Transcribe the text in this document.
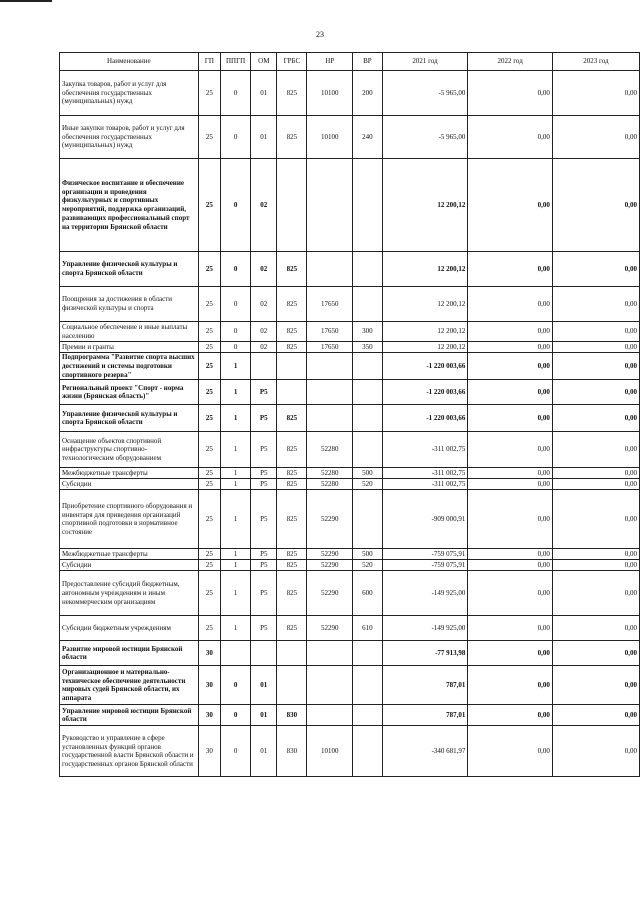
23
Наименование	ГП	ППГП	ОМ	ГРБС	НР	ВР	2021 год	2022 год	2023 год
Закупка товаров, работ и услуг для обеспечения государственных (муниципальных) нужд	25	0	01	825	10100	200	-5 965,00	0,00	0,00
Иные закупки товаров, работ и услуг для обеспечения государственных (муниципальных) нужд	25	0	01	825	10100	240	-5 965,00	0,00	0,00
Физическое воспитание и обеспечение организации и проведения физкультурных и спортивных мероприятий, поддержка организаций, развивающих профессиональный спорт на территории Брянской области	25	0	02				12 200,12	0,00	0,00
Управление физической культуры и спорта Брянской области	25	0	02	825			12 200,12	0,00	0,00
Поощрения за достижения в области физической культуры и спорта	25	0	02	825	17650		12 200,12	0,00	0,00
Социальное обеспечение и иные выплаты населению	25	0	02	825	17650	300	12 200,12	0,00	0,00
Премии и гранты	25	0	02	825	17650	350	12 200,12	0,00	0,00
Подпрограмма "Развитие спорта высших достижений и системы подготовки спортивного резерва"	25	1					-1 220 003,66	0,00	0,00
Региональный проект "Спорт - норма жизни (Брянская область)"	25	1	P5				-1 220 003,66	0,00	0,00
Управление физической культуры и спорта Брянской области	25	1	P5	825			-1 220 003,66	0,00	0,00
Оснащение объектов спортивной инфраструктуры спортивно-технологическим оборудованием	25	1	P5	825	52280		-311 002,75	0,00	0,00
Межбюджетные трансферты	25	1	P5	825	52280	500	-311 002,75	0,00	0,00
Субсидии	25	1	P5	825	52280	520	-311 002,75	0,00	0,00
Приобретение спортивного оборудования и инвентаря для приведения организаций спортивной подготовки в нормативное состояние	25	1	P5	825	52290		-909 000,91	0,00	0,00
Межбюджетные трансферты	25	1	P5	825	52290	500	-759 075,91	0,00	0,00
Субсидии	25	1	P5	825	52290	520	-759 075,91	0,00	0,00
Предоставление субсидий бюджетным, автономным учреждениям и иным некоммерческим организациям	25	1	P5	825	52290	600	-149 925,00	0,00	0,00
Субсидии бюджетным учреждениям	25	1	P5	825	52290	610	-149 925,00	0,00	0,00
Развитие мировой юстиции Брянской области	30						-77 913,98	0,00	0,00
Организационное и материально-техническое обеспечение деятельности мировых судей Брянской области, их аппарата	30	0	01				787,01	0,00	0,00
Управление мировой юстиции Брянской области	30	0	01	830			787,01	0,00	0,00
Руководство и управление в сфере установленных функций органов государственной власти Брянской области и государственных органов Брянской области	30	0	01	830	10100		-340 681,97	0,00	0,00
